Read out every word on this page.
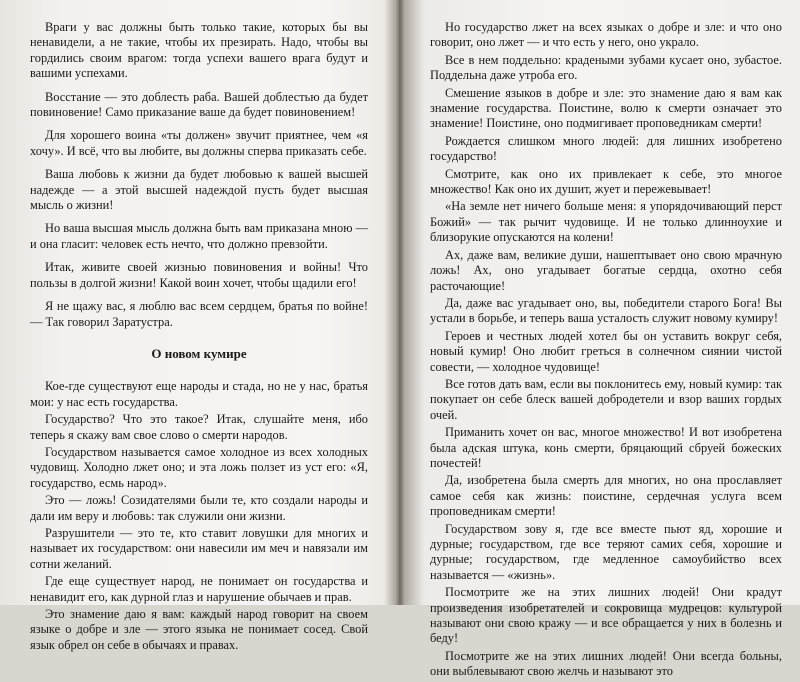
Враги у вас должны быть только такие, которых бы вы ненавидели, а не такие, чтобы их презирать. Надо, чтобы вы гордились своим врагом: тогда успехи вашего врага будут и вашими успехами.

Восстание — это доблесть раба. Вашей доблестью да будет повиновение! Само приказание ваше да будет повиновением!

Для хорошего воина «ты должен» звучит приятнее, чем «я хочу». И всё, что вы любите, вы должны сперва приказать себе.

Ваша любовь к жизни да будет любовью к вашей высшей надежде — а этой высшей надеждой пусть будет высшая мысль о жизни!

Но ваша высшая мысль должна быть вам приказана мною — и она гласит: человек есть нечто, что должно превзойти.

Итак, живите своей жизнью повиновения и войны! Что пользы в долгой жизни! Какой воин хочет, чтобы щадили его!

Я не щажу вас, я люблю вас всем сердцем, братья по войне! — Так говорил Заратустра.

О новом кумире

Кое-где существуют еще народы и стада, но не у нас, братья мои: у нас есть государства.

Государство? Что это такое? Итак, слушайте меня, ибо теперь я скажу вам свое слово о смерти народов.

Государством называется самое холодное из всех холодных чудовищ. Холодно лжет оно; и эта ложь ползет из уст его: «Я, государство, есмь народ».

Это — ложь! Созидателями были те, кто создали народы и дали им веру и любовь: так служили они жизни.

Разрушители — это те, кто ставит ловушки для многих и называет их государством: они навесили им меч и навязали им сотни желаний.

Где еще существует народ, не понимает он государства и ненавидит его, как дурной глаз и нарушение обычаев и прав.

Это знамение даю я вам: каждый народ говорит на своем языке о добре и зле — этого языка не понимает сосед. Свой язык обрел он себе в обычаях и правах.

Но государство лжет на всех языках о добре и зле: и что оно говорит, оно лжет — и что есть у него, оно украло.

Все в нем поддельно: крадеными зубами кусает оно, зубастое. Поддельна даже утроба его.

Смешение языков в добре и зле: это знамение даю я вам как знамение государства. Поистине, волю к смерти означает это знамение! Поистине, оно подмигивает проповедникам смерти!

Рождается слишком много людей: для лишних изобретено государство!

Смотрите, как оно их привлекает к себе, это многое множество! Как оно их душит, жует и пережевывает!

«На земле нет ничего больше меня: я упорядочивающий перст Божий» — так рычит чудовище. И не только длинноухие и близорукие опускаются на колени!

Ах, даже вам, великие души, нашептывает оно свою мрачную ложь! Ах, оно угадывает богатые сердца, охотно себя расточающие!

Да, даже вас угадывает оно, вы, победители старого Бога! Вы устали в борьбе, и теперь ваша усталость служит новому кумиру!

Героев и честных людей хотел бы он уставить вокруг себя, новый кумир! Оно любит греться в солнечном сиянии чистой совести, — холодное чудовище!

Все готов дать вам, если вы поклонитесь ему, новый кумир: так покупает он себе блеск вашей добродетели и взор ваших гордых очей.

Приманить хочет он вас, многое множество! И вот изобретена была адская штука, конь смерти, бряцающий сбруей божеских почестей!

Да, изобретена была смерть для многих, но она прославляет самое себя как жизнь: поистине, сердечная услуга всем проповедникам смерти!

Государством зову я, где все вместе пьют яд, хорошие и дурные; государством, где все теряют самих себя, хорошие и дурные; государством, где медленное самоубийство всех называется — «жизнь».

Посмотрите же на этих лишних людей! Они крадут произведения изобретателей и сокровища мудрецов: культурой называют они свою кражу — и все обращается у них в болезнь и беду!

Посмотрите же на этих лишних людей! Они всегда больны, они выблевывают свою желчь и называют это
